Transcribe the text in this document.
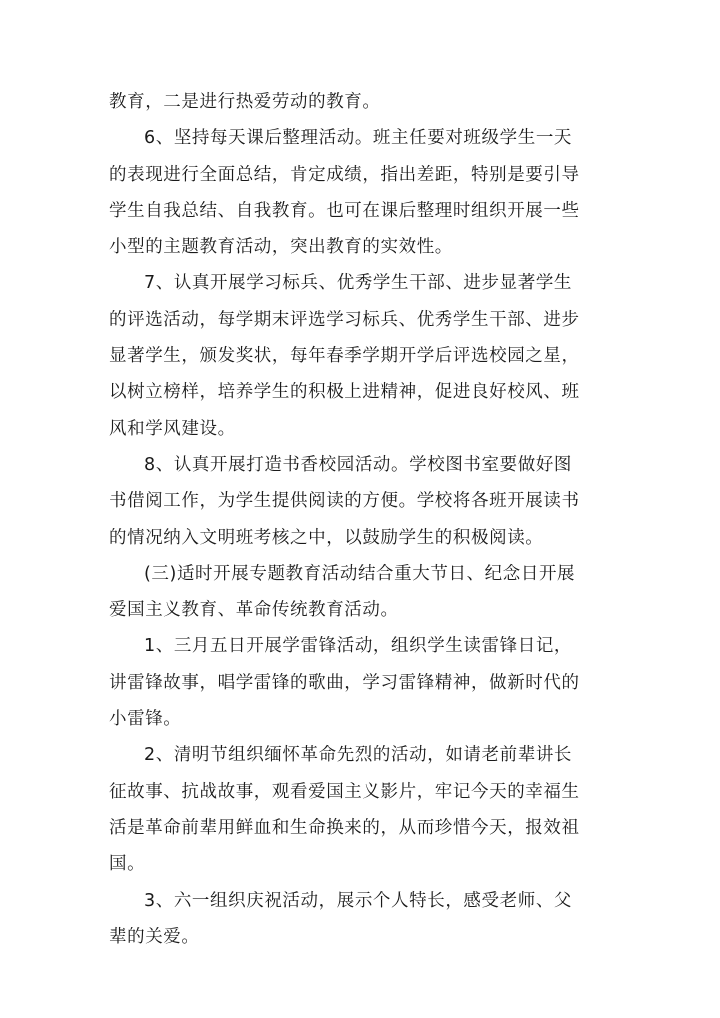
教育，二是进行热爱劳动的教育。
6、坚持每天课后整理活动。班主任要对班级学生一天
的表现进行全面总结，肯定成绩，指出差距，特别是要引导
学生自我总结、自我教育。也可在课后整理时组织开展一些
小型的主题教育活动，突出教育的实效性。
7、认真开展学习标兵、优秀学生干部、进步显著学生
的评选活动，每学期末评选学习标兵、优秀学生干部、进步
显著学生，颁发奖状，每年春季学期开学后评选校园之星，
以树立榜样，培养学生的积极上进精神，促进良好校风、班
风和学风建设。
8、认真开展打造书香校园活动。学校图书室要做好图
书借阅工作，为学生提供阅读的方便。学校将各班开展读书
的情况纳入文明班考核之中，以鼓励学生的积极阅读。
(三)适时开展专题教育活动结合重大节日、纪念日开展
爱国主义教育、革命传统教育活动。
1、三月五日开展学雷锋活动，组织学生读雷锋日记，
讲雷锋故事，唱学雷锋的歌曲，学习雷锋精神，做新时代的
小雷锋。
2、清明节组织缅怀革命先烈的活动，如请老前辈讲长
征故事、抗战故事，观看爱国主义影片，牢记今天的幸福生
活是革命前辈用鲜血和生命换来的，从而珍惜今天，报效祖
国。
3、六一组织庆祝活动，展示个人特长，感受老师、父
辈的关爱。
